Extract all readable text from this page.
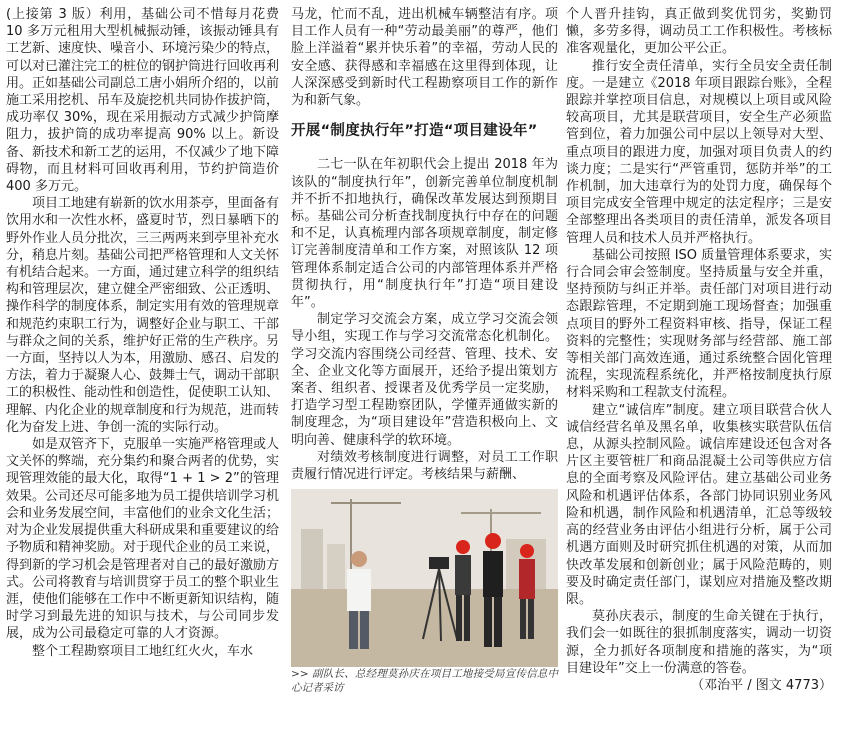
(上接第 3 版）利用，基础公司不惜每月花费 10 多万元租用大型机械振动锤，该振动锤具有工艺新、速度快、噪音小、环境污染少的特点，可以对已灌注完工的桩位的钢护筒进行回收再利用。正如基础公司副总工唐小娟所介绍的，以前施工采用挖机、吊车及旋挖机共同协作拔护筒，成功率仅 30%，现在采用振动方式减少护筒摩阻力，拔护筒的成功率提高 90% 以上。新设备、新技术和新工艺的运用，不仅减少了地下障碍物，而且材料可回收再利用，节约护筒造价 400 多万元。

项目工地建有崭新的饮水用茶亭，里面备有饮用水和一次性水杯，盛夏时节，烈日暴晒下的野外作业人员分批次，三三两两来到亭里补充水分，稍息片刻。基础公司把严格管理和人文关怀有机结合起来。一方面，通过建立科学的组织结构和管理层次，建立健全严密细致、公正透明、操作科学的制度体系，制定实用有效的管理规章和规范约束职工行为，调整好企业与职工、干部与群众之间的关系，维护好正常的生产秩序。另一方面，坚持以人为本，用激励、感召、启发的方法，着力于凝聚人心、鼓舞士气，调动干部职工的积极性、能动性和创造性，促使职工认知、理解、内化企业的规章制度和行为规范，进而转化为奋发上进、争创一流的实际行动。

如是双管齐下，克服单一实施严格管理或人文关怀的弊端，充分集约和聚合两者的优势，实现管理效能的最大化，取得“1 + 1 > 2”的管理效果。公司还尽可能多地为员工提供培训学习机会和业务发展空间，丰富他们的业余文化生活；对为企业发展提供重大科研成果和重要建议的给予物质和精神奖励。对于现代企业的员工来说，得到新的学习机会是管理者对自己的最好激励方式。公司将教育与培训贯穿于员工的整个职业生涯，使他们能够在工作中不断更新知识结构，随时学习到最先进的知识与技术，与公司同步发展，成为公司最稳定可靠的人才资源。

整个工程勘察项目工地红红火火，车水

马龙，忙而不乱，进出机械车辆整洁有序。项目工作人员有一种“劳动最美丽”的尊严，他们脸上洋溢着“累并快乐着”的幸福，劳动人民的安全感、获得感和幸福感在这里得到体现，让人深深感受到新时代工程勘察项目工作的新作为和新气象。

开展“制度执行年”打造“项目建设年”

二七一队在年初职代会上提出 2018 年为该队的“制度执行年”，创新完善单位制度机制并不折不扣地执行，确保改革发展达到预期目标。基础公司分析查找制度执行中存在的问题和不足，认真梳理内部各项规章制度，制定修订完善制度清单和工作方案，对照该队 12 项管理体系制定适合公司的内部管理体系并严格贯彻执行，用“制度执行年”打造“项目建设年”。

制定学习交流会方案，成立学习交流会领导小组，实现工作与学习交流常态化机制化。学习交流内容围绕公司经营、管理、技术、安全、企业文化等方面展开，还给予提出策划方案者、组织者、授课者及优秀学员一定奖励，打造学习型工程勘察团队，学懂弄通做实新的制度理念，为“项目建设年”营造积极向上、文明向善、健康科学的软环境。

对绩效考核制度进行调整，对员工工作职责履行情况进行评定。考核结果与薪酬、

>> 副队长、总经理莫孙庆在项目工地接受局宣传信息中心记者采访

个人晋升挂钩，真正做到奖优罚劣，奖勤罚懒，多劳多得，调动员工工作积极性。考核标准客观量化，更加公平公正。

推行安全责任清单，实行全员安全责任制度。一是建立《2018 年项目跟踪台账》，全程跟踪并掌控项目信息，对规模以上项目或风险较高项目，尤其是联营项目，安全生产必须监管到位，着力加强公司中层以上领导对大型、重点项目的跟进力度，加强对项目负责人的约谈力度；二是实行“严管重罚，惩防并举”的工作机制，加大违章行为的处罚力度，确保每个项目完成安全管理中规定的法定程序；三是安全部整理出各类项目的责任清单，派发各项目管理人员和技术人员并严格执行。

基础公司按照 ISO 质量管理体系要求，实行合同会审会签制度。坚持质量与安全并重，坚持预防与纠正并举。责任部门对项目进行动态跟踪管理，不定期到施工现场督查；加强重点项目的野外工程资料审核、指导，保证工程资料的完整性；实现财务部与经营部、施工部等相关部门高效连通，通过系统整合固化管理流程，实现流程系统化，并严格按制度执行原材料采购和工程款支付流程。

建立“诚信库”制度。建立项目联营合伙人诚信经营名单及黑名单，收集核实联营队伍信息，从源头控制风险。诚信库建设还包含对各片区主要管桩厂和商品混凝土公司等供应方信息的全面考察及风险评估。建立基础公司业务风险和机遇评估体系，各部门协同识别业务风险和机遇，制作风险和机遇清单，汇总等级较高的经营业务由评估小组进行分析，属于公司机遇方面则及时研究抓住机遇的对策，从而加快改革发展和创新创业；属于风险范畴的，则要及时确定责任部门，谋划应对措施及整改期限。

莫孙庆表示，制度的生命关键在于执行，我们会一如既往的狠抓制度落实，调动一切资源，全力抓好各项制度和措施的落实，为“项目建设年”交上一份满意的答卷。

（邓治平 / 图文 4773）
